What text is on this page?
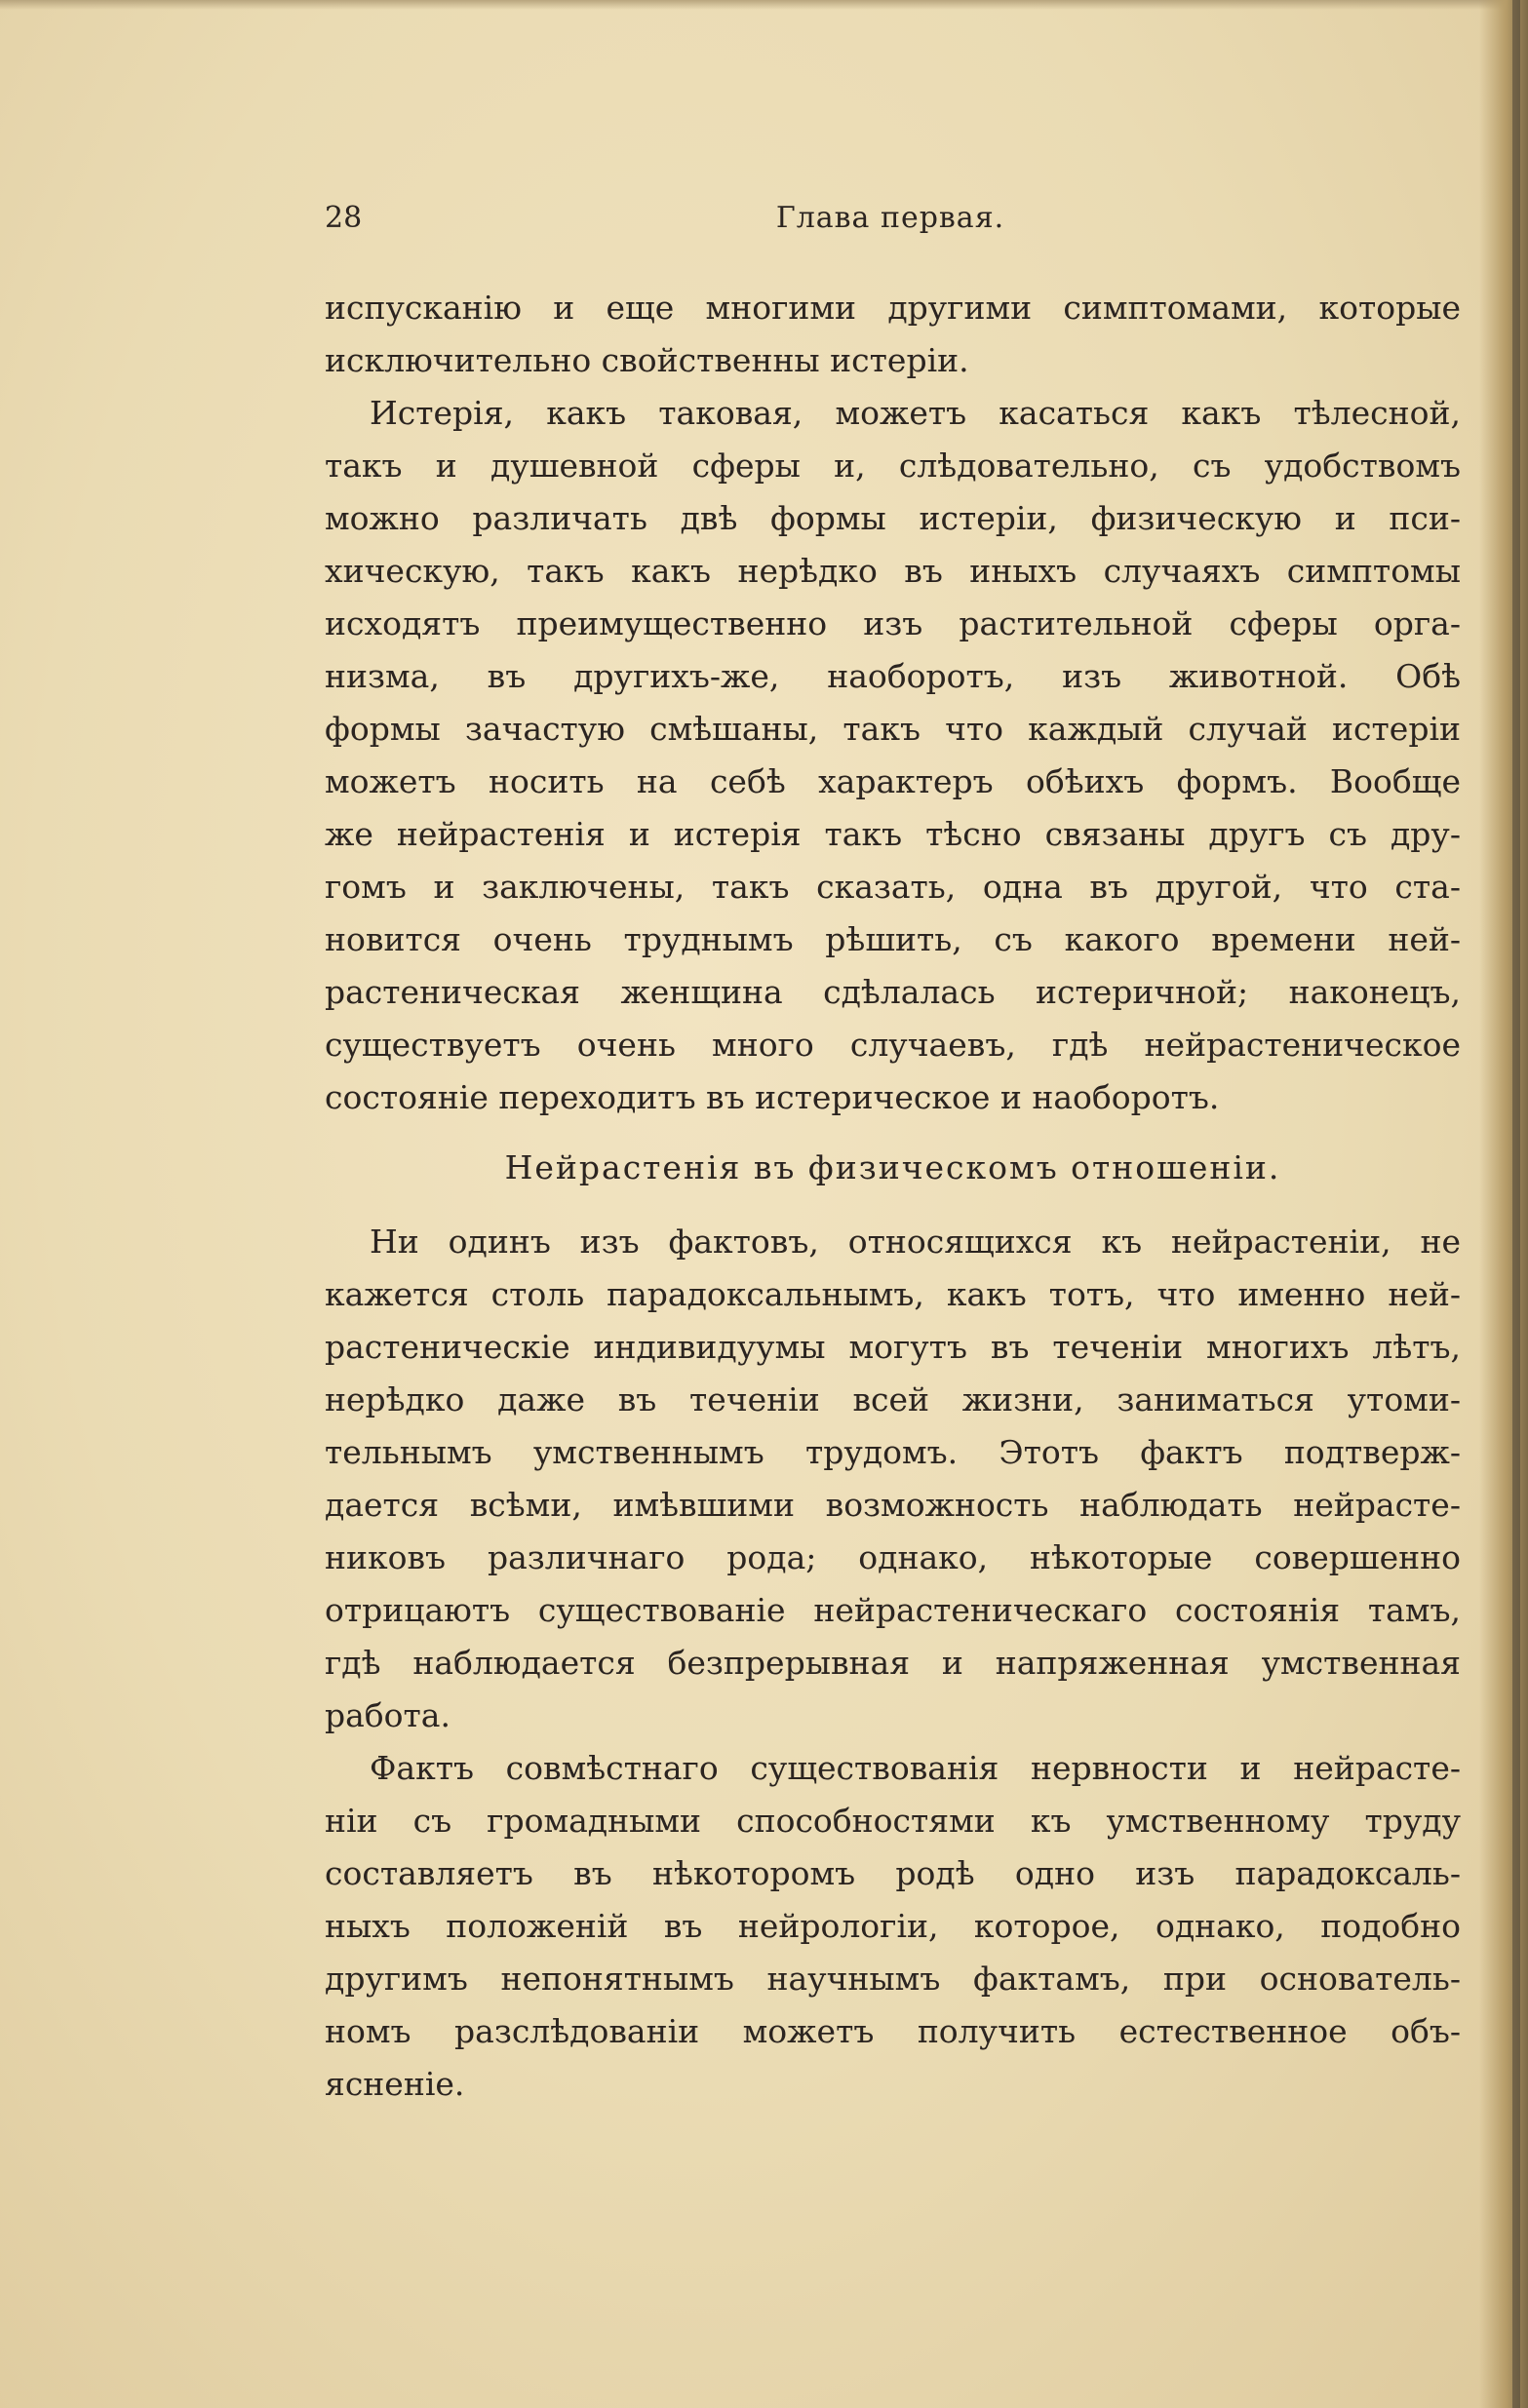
28	Глава первая.
испусканію и еще многими другими симптомами, которые
исключительно свойственны истеріи.
Истерія, какъ таковая, можетъ касаться какъ тѣлесной,
такъ и душевной сферы и, слѣдовательно, съ удобствомъ
можно различать двѣ формы истеріи, физическую и пси-
хическую, такъ какъ нерѣдко въ иныхъ случаяхъ симптомы
исходятъ преимущественно изъ растительной сферы орга-
низма, въ другихъ-же, наоборотъ, изъ животной. Обѣ
формы зачастую смѣшаны, такъ что каждый случай истеріи
можетъ носить на себѣ характеръ обѣихъ формъ. Вообще
же нейрастенія и истерія такъ тѣсно связаны другъ съ дру-
гомъ и заключены, такъ сказать, одна въ другой, что ста-
новится очень труднымъ рѣшить, съ какого времени ней-
растеническая женщина сдѣлалась истеричной; наконецъ,
существуетъ очень много случаевъ, гдѣ нейрастеническое
состояніе переходитъ въ истерическое и наоборотъ.
Нейрастенія въ физическомъ отношеніи.
Ни одинъ изъ фактовъ, относящихся къ нейрастеніи, не
кажется столь парадоксальнымъ, какъ тотъ, что именно ней-
растеническіе индивидуумы могутъ въ теченіи многихъ лѣтъ,
нерѣдко даже въ теченіи всей жизни, заниматься утоми-
тельнымъ умственнымъ трудомъ. Этотъ фактъ подтверж-
дается всѣми, имѣвшими возможность наблюдать нейрасте-
никовъ различнаго рода; однако, нѣкоторые совершенно
отрицаютъ существованіе нейрастеническаго состоянія тамъ,
гдѣ наблюдается безпрерывная и напряженная умственная
работа.
Фактъ совмѣстнаго существованія нервности и нейрасте-
ніи съ громадными способностями къ умственному труду
составляетъ въ нѣкоторомъ родѣ одно изъ парадоксаль-
ныхъ положеній въ нейрологіи, которое, однако, подобно
другимъ непонятнымъ научнымъ фактамъ, при основатель-
номъ разслѣдованіи можетъ получить естественное объ-
ясненіе.
